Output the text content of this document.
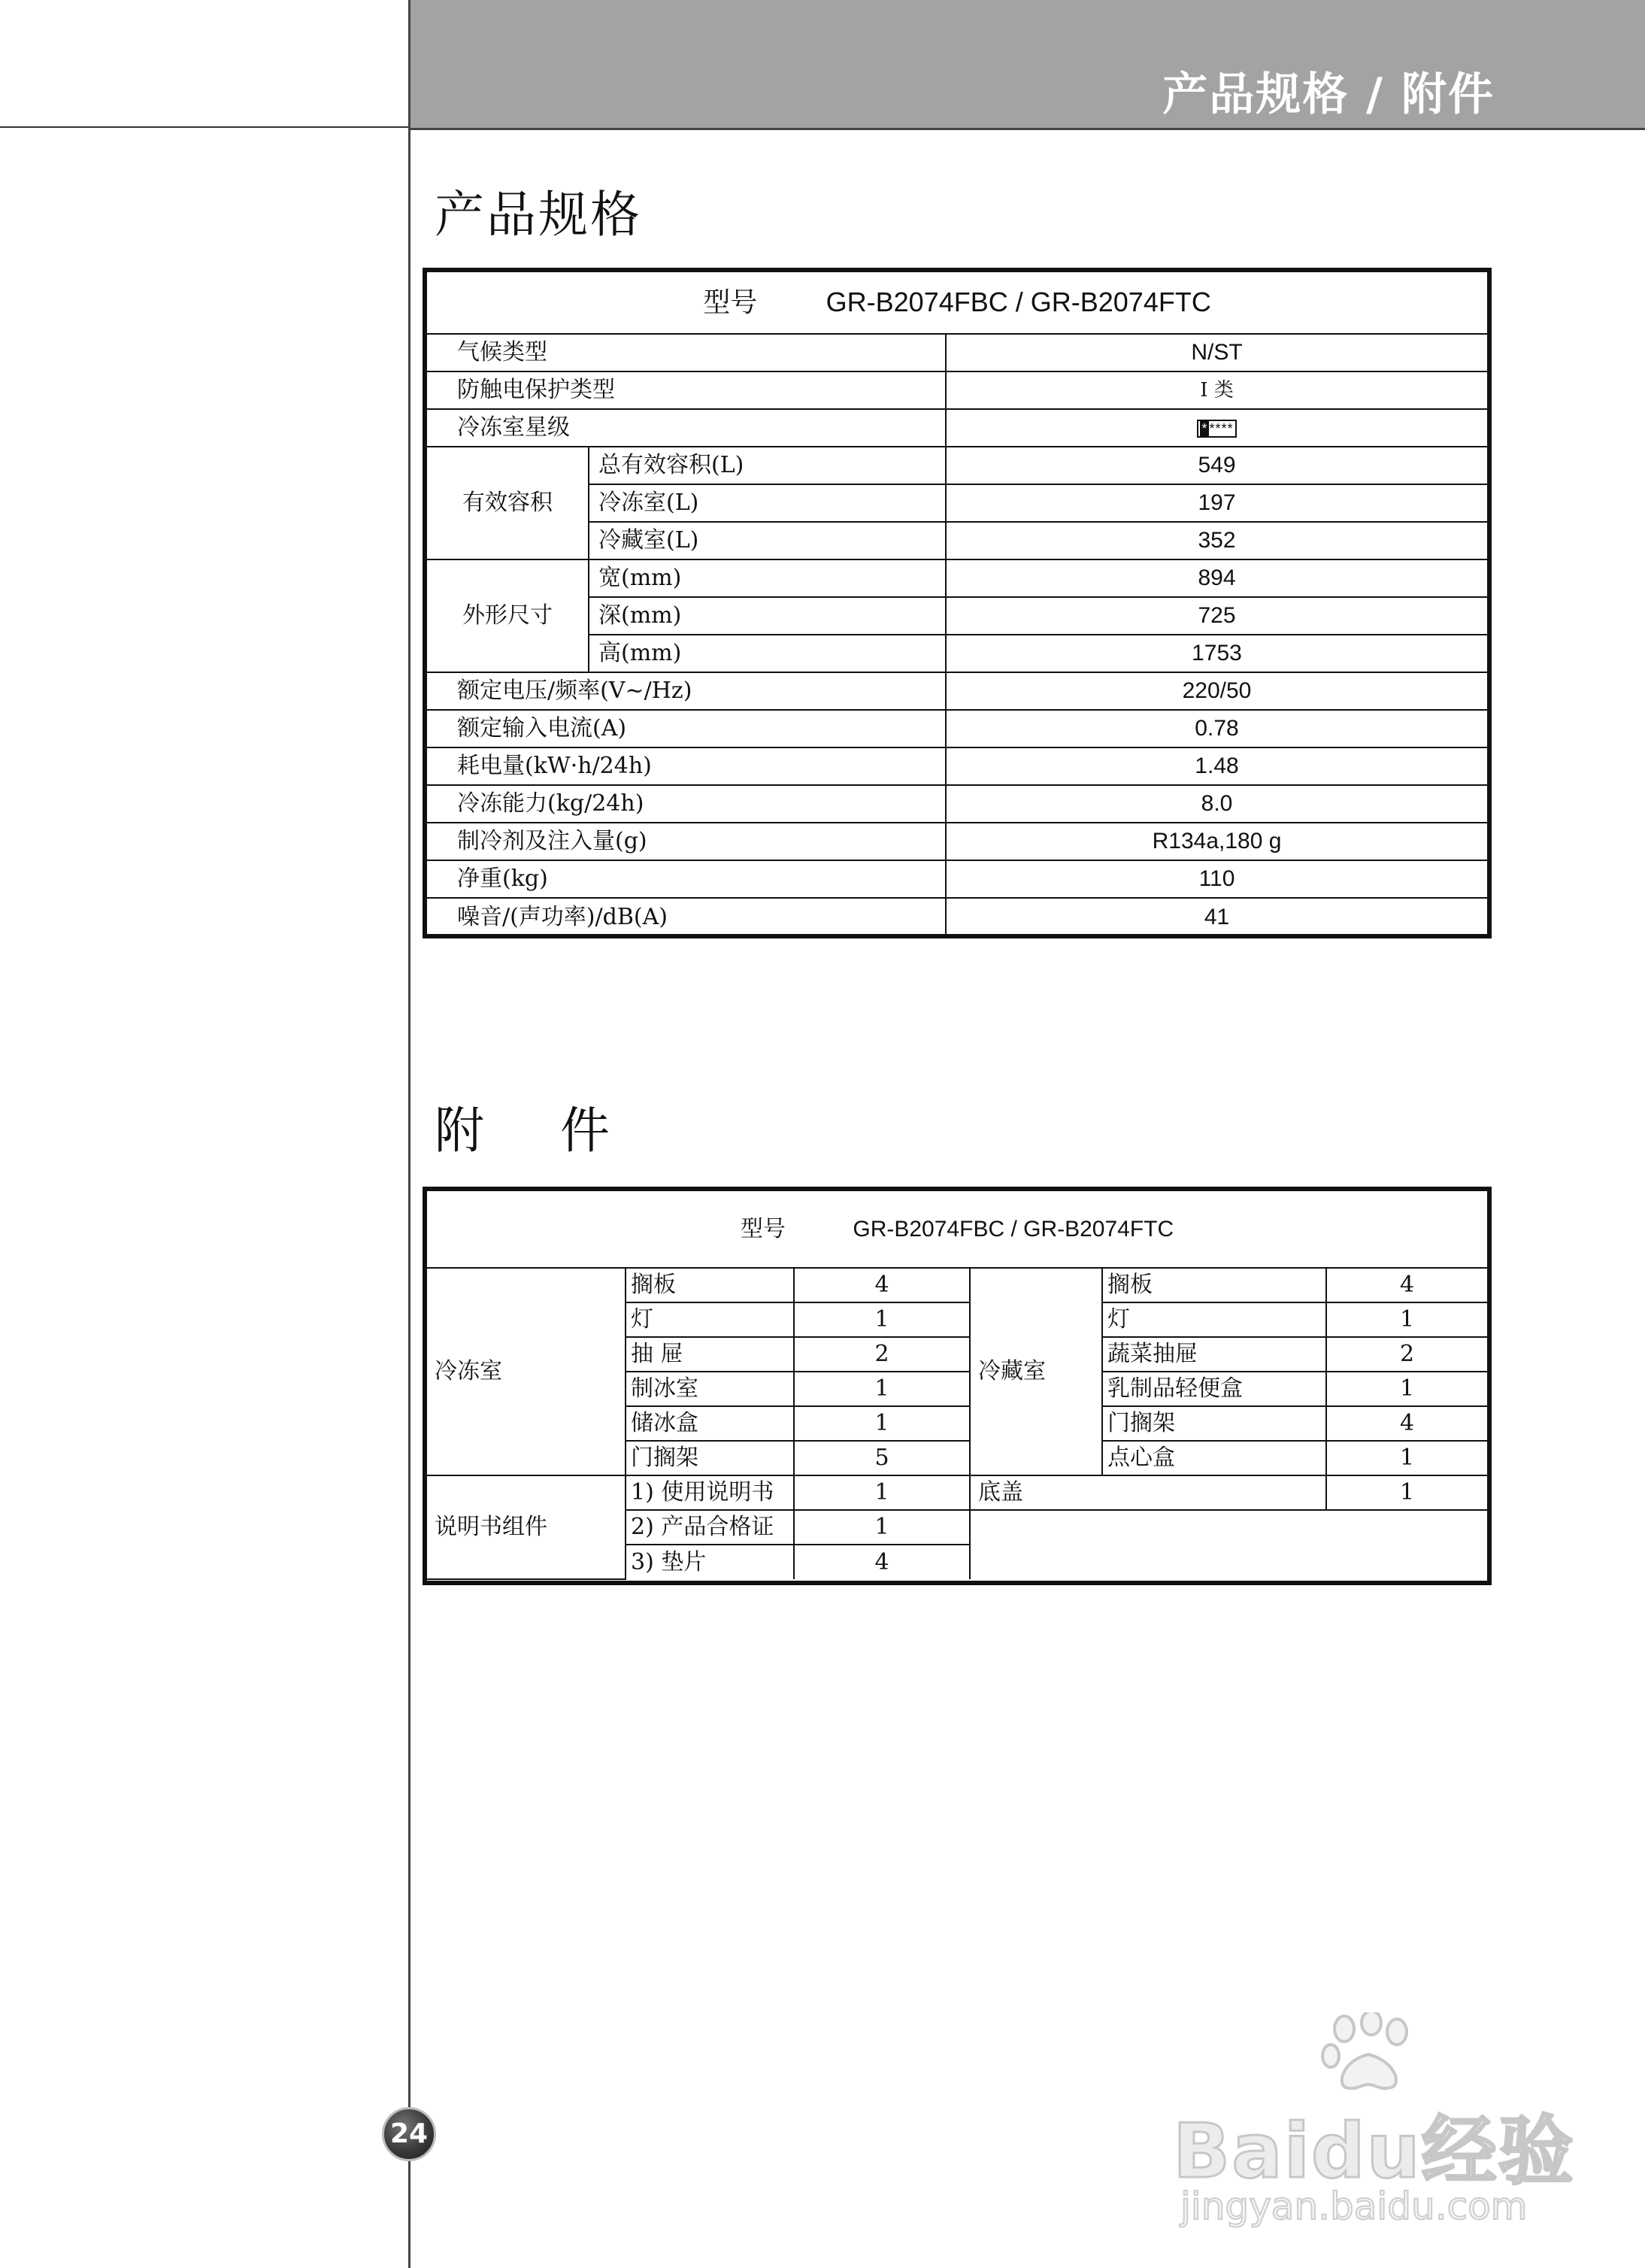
产品规格 / 附件
产品规格
型号 GR-B2074FBC / GR-B2074FTC		
气候类型		N/ST
防触电保护类型		I 类
冷冻室星级		* ****
有效容积	总有效容积(L)	549
	冷冻室(L)	197
	冷藏室(L)	352
外形尺寸	宽(mm)	894
	深(mm)	725
	高(mm)	1753
额定电压/频率(V~/Hz)		220/50
额定输入电流(A)		0.78
耗电量(kW·h/24h)		1.48
冷冻能力(kg/24h)		8.0
制冷剂及注入量(g)		R134a,180 g
净重(kg)		110
噪音/(声功率)/dB(A)		41
附 件
型号 GR-B2074FBC / GR-B2074FTC					
冷冻室	搁板	4	冷藏室	搁板	4
	灯	1		灯	1
	抽 屉	2		蔬菜抽屉	2
	制冰室	1		乳制品轻便盒	1
	储冰盒	1		门搁架	4
	门搁架	5		点心盒	1
说明书组件	1) 使用说明书	1	底盖		1
	2) 产品合格证	1			
	3) 垫片	4			
24	Baidu经验
jingyan.baidu.com
